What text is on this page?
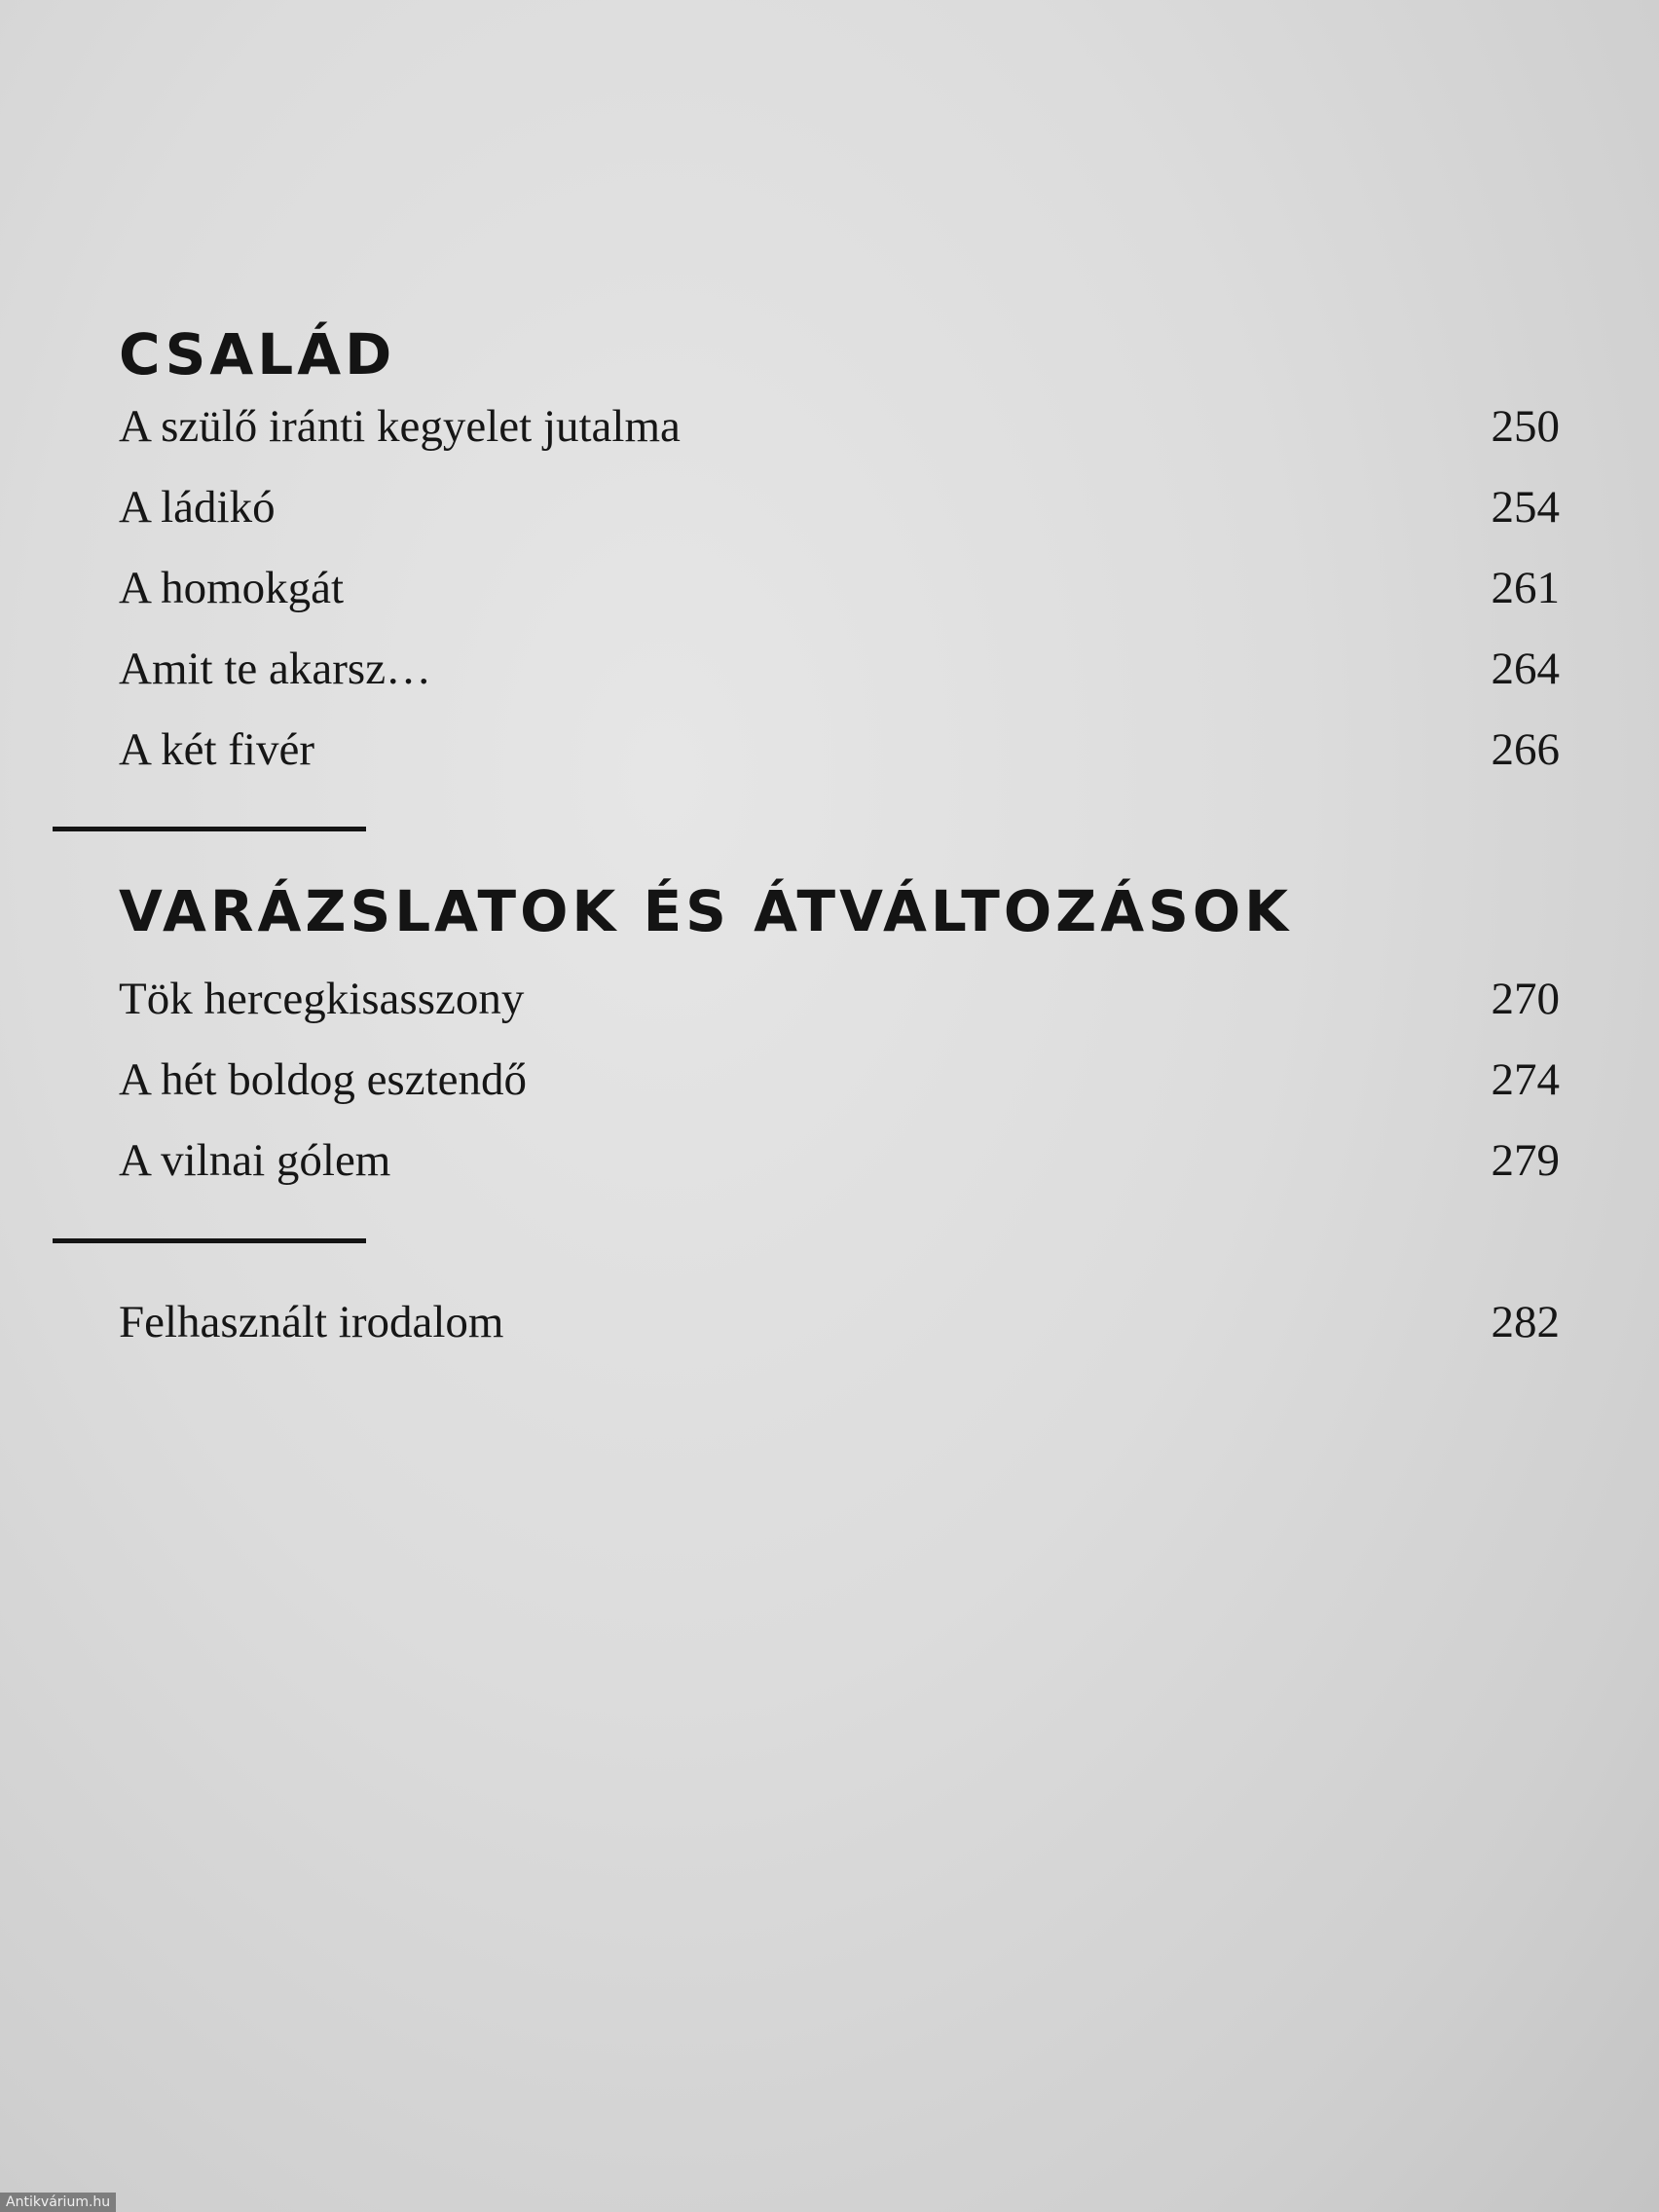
CSALÁD
A szülő iránti kegyelet jutalma	250
A ládikó	254
A homokgát	261
Amit te akarsz…	264
A két fivér	266
VARÁZSLATOK ÉS ÁTVÁLTOZÁSOK
Tök hercegkisasszony	270
A hét boldog esztendő	274
A vilnai gólem	279
Felhasznált irodalom	282
Antikvárium.hu
